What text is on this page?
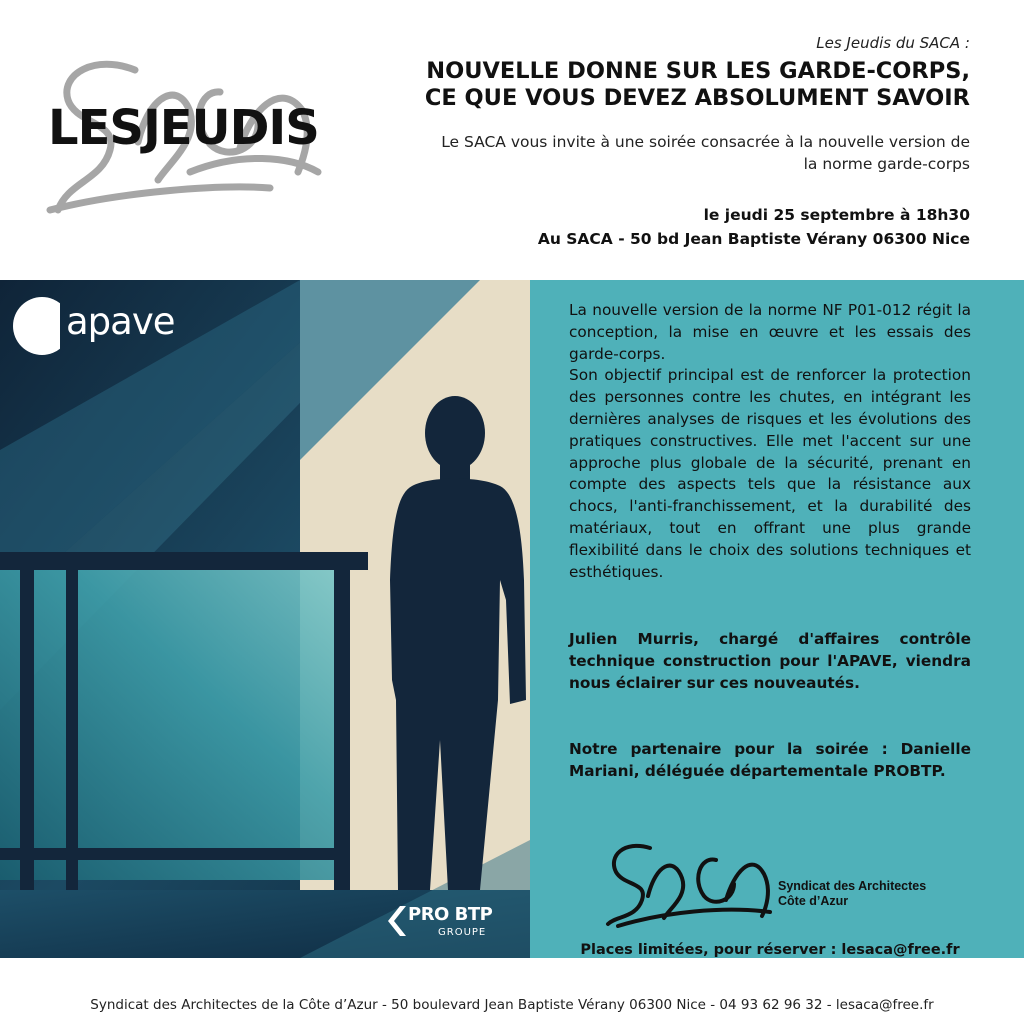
LESJEUDIS
Les Jeudis du SACA :
NOUVELLE DONNE SUR LES GARDE-CORPS,
CE QUE VOUS DEVEZ ABSOLUMENT SAVOIR
Le SACA vous invite à une soirée consacrée à la nouvelle version de
la norme garde-corps
le jeudi 25 septembre à 18h30
Au SACA - 50 bd Jean Baptiste Vérany 06300 Nice
apave
PRO BTP
GROUPE
La nouvelle version de la norme NF P01-012 régit la conception, la mise en œuvre et les essais des garde-corps.
Son objectif principal est de renforcer la protection des personnes contre les chutes, en intégrant les dernières analyses de risques et les évolutions des pratiques constructives. Elle met l'accent sur une approche plus globale de la sécurité, prenant en compte des aspects tels que la résistance aux chocs, l'anti-franchissement, et la durabilité des matériaux, tout en offrant une plus grande flexibilité dans le choix des solutions techniques et esthétiques.
Julien Murris, chargé d'affaires contrôle technique construction pour l'APAVE, viendra nous éclairer sur ces nouveautés.
Notre partenaire pour la soirée : Danielle Mariani, déléguée départementale PROBTP.
Syndicat des Architectes
Côte d’Azur
Places limitées, pour réserver : lesaca@free.fr
Syndicat des Architectes de la Côte d’Azur - 50 boulevard Jean Baptiste Vérany 06300 Nice - 04 93 62 96 32 - lesaca@free.fr
